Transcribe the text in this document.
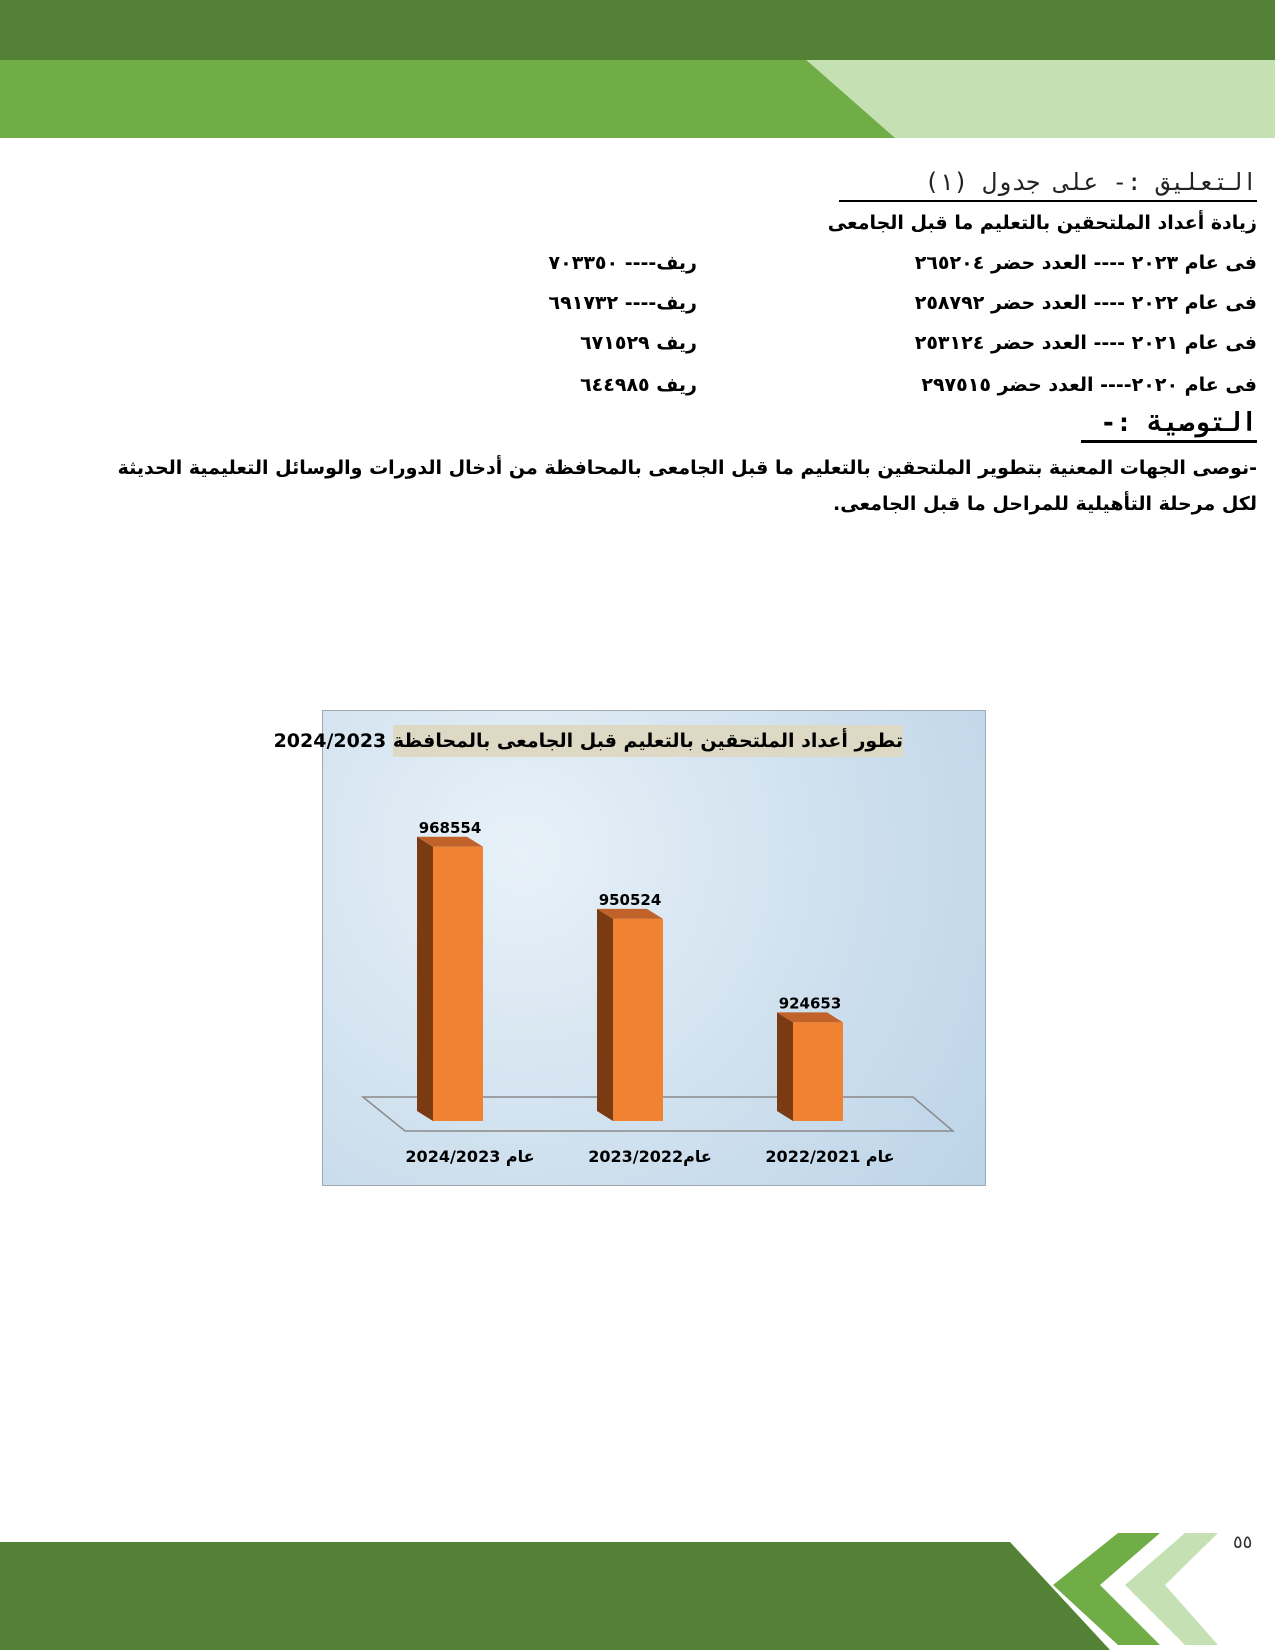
التعليق :- على جدول (١)
زيادة أعداد الملتحقين بالتعليم ما قبل الجامعى
فى عام ٢٠٢٣ ---- العدد حضر ٢٦٥٢٠٤
ريف---- ٧٠٣٣٥٠
فى عام ٢٠٢٢ ---- العدد حضر ٢٥٨٧٩٢
ريف---- ٦٩١٧٣٢
فى عام ٢٠٢١ ---- العدد حضر ٢٥٣١٢٤
ريف ٦٧١٥٢٩
فى عام ٢٠٢٠---- العدد حضر ٢٩٧٥١٥
ريف ٦٤٤٩٨٥
التوصية :-
-نوصى الجهات المعنية بتطوير الملتحقين بالتعليم ما قبل الجامعى بالمحافظة من أدخال الدورات والوسائل التعليمية الحديثة لكل مرحلة التأهيلية للمراحل ما قبل الجامعى.
968554
عام 2024/2023
950524
عام2023/2022
924653
عام 2022/2021
تطور أعداد الملتحقين بالتعليم قبل الجامعى بالمحافظة 2024/2023
٥٥
